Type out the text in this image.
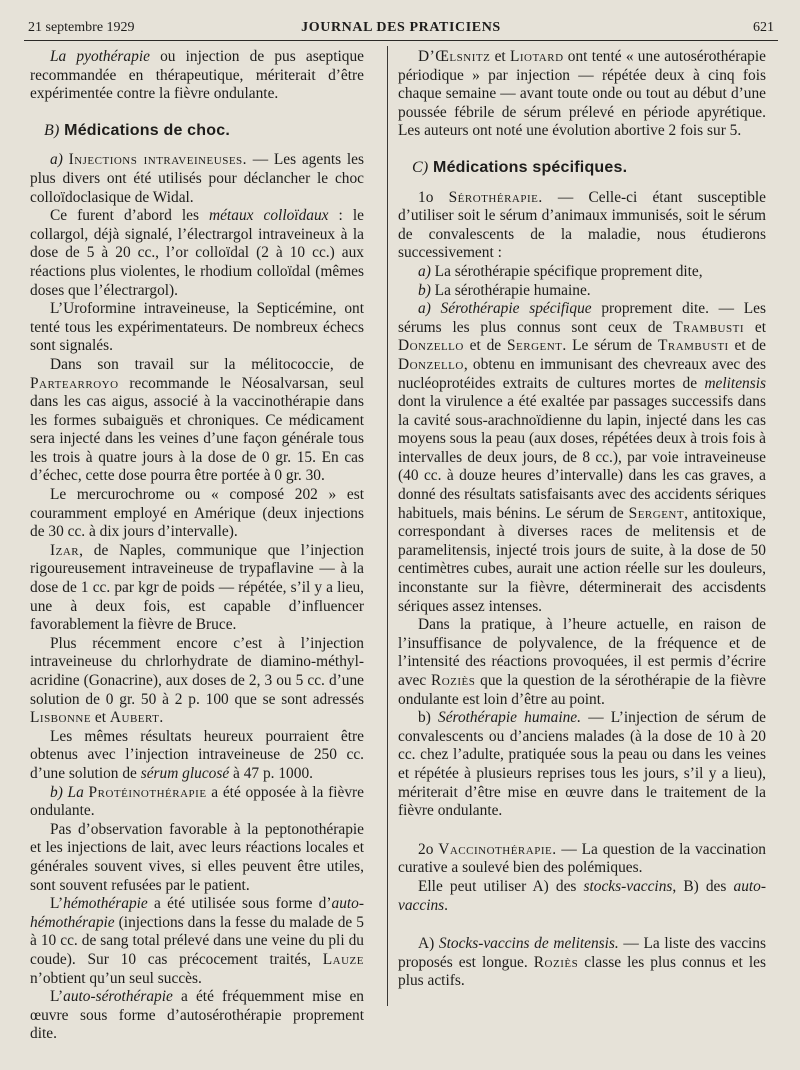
21 septembre 1929	JOURNAL DES PRATICIENS	621

La pyothérapie ou injection de pus aseptique recommandée en thérapeutique, mériterait d’être expérimentée contre la fièvre ondulante.

B) Médications de choc.

a) Injections intraveineuses. — Les agents les plus divers ont été utilisés pour déclancher le choc colloïdoclasique de Widal.

Ce furent d’abord les métaux colloïdaux : le collargol, déjà signalé, l’électrargol intraveineux à la dose de 5 à 20 cc., l’or colloïdal (2 à 10 cc.) aux réactions plus violentes, le rhodium colloïdal (mêmes doses que l’électrargol).

L’Uroformine intraveineuse, la Septicémine, ont tenté tous les expérimentateurs. De nombreux échecs sont signalés.

Dans son travail sur la mélitococcie, de Partearroyo recommande le Néosalvarsan, seul dans les cas aigus, associé à la vaccinothérapie dans les formes subaiguës et chroniques. Ce médicament sera injecté dans les veines d’une façon générale tous les trois à quatre jours à la dose de 0 gr. 15. En cas d’échec, cette dose pourra être portée à 0 gr. 30.

Le mercurochrome ou « composé 202 » est couramment employé en Amérique (deux injections de 30 cc. à dix jours d’intervalle).

Izar, de Naples, communique que l’injection rigoureusement intraveineuse de trypaflavine — à la dose de 1 cc. par kgr de poids — répétée, s’il y a lieu, une à deux fois, est capable d’influencer favorablement la fièvre de Bruce.

Plus récemment encore c’est à l’injection intraveineuse du chrlorhydrate de diamino-méthyl-acridine (Gonacrine), aux doses de 2, 3 ou 5 cc. d’une solution de 0 gr. 50 à 2 p. 100 que se sont adressés Lisbonne et Aubert.

Les mêmes résultats heureux pourraient être obtenus avec l’injection intraveineuse de 250 cc. d’une solution de sérum glucosé à 47 p. 1000.

b) La Protéinothérapie a été opposée à la fièvre ondulante.

Pas d’observation favorable à la peptonothérapie et les injections de lait, avec leurs réactions locales et générales souvent vives, si elles peuvent être utiles, sont souvent refusées par le patient.

L’hémothérapie a été utilisée sous forme d’auto-hémothérapie (injections dans la fesse du malade de 5 à 10 cc. de sang total prélevé dans une veine du pli du coude). Sur 10 cas précocement traités, Lauze n’obtient qu’un seul succès.

L’auto-sérothérapie a été fréquemment mise en œuvre sous forme d’autosérothérapie proprement dite.

D’Œlsnitz et Liotard ont tenté « une autosérothérapie périodique » par injection — répétée deux à cinq fois chaque semaine — avant toute onde ou tout au début d’une poussée fébrile de sérum prélevé en période apyrétique. Les auteurs ont noté une évolution abortive 2 fois sur 5.

C) Médications spécifiques.

1o Sérothérapie. — Celle-ci étant susceptible d’utiliser soit le sérum d’animaux immunisés, soit le sérum de convalescents de la maladie, nous étudierons successivement :

a) La sérothérapie spécifique proprement dite,

b) La sérothérapie humaine.

a) Sérothérapie spécifique proprement dite. — Les sérums les plus connus sont ceux de Trambusti et Donzello et de Sergent. Le sérum de Trambusti et de Donzello, obtenu en immunisant des chevreaux avec des nucléoprotéides extraits de cultures mortes de melitensis dont la virulence a été exaltée par passages successifs dans la cavité sous-arachnoïdienne du lapin, injecté dans les cas moyens sous la peau (aux doses, répétées deux à trois fois à intervalles de deux jours, de 8 cc.), par voie intraveineuse (40 cc. à douze heures d’intervalle) dans les cas graves, a donné des résultats satisfaisants avec des accidents sériques habituels, mais bénins. Le sérum de Sergent, antitoxique, correspondant à diverses races de melitensis et de paramelitensis, injecté trois jours de suite, à la dose de 50 centimètres cubes, aurait une action réelle sur les douleurs, inconstante sur la fièvre, déterminerait des accisdents sériques assez intenses.

Dans la pratique, à l’heure actuelle, en raison de l’insuffisance de polyvalence, de la fréquence et de l’intensité des réactions provoquées, il est permis d’écrire avec Roziès que la question de la sérothérapie de la fièvre ondulante est loin d’être au point.

b) Sérothérapie humaine. — L’injection de sérum de convalescents ou d’anciens malades (à la dose de 10 à 20 cc. chez l’adulte, pratiquée sous la peau ou dans les veines et répétée à plusieurs reprises tous les jours, s’il y a lieu), mériterait d’être mise en œuvre dans le traitement de la fièvre ondulante.

2o Vaccinothérapie. — La question de la vaccination curative a soulevé bien des polémiques.

Elle peut utiliser A) des stocks-vaccins, B) des auto-vaccins.

A) Stocks-vaccins de melitensis. — La liste des vaccins proposés est longue. Roziès classe les plus connus et les plus actifs.
